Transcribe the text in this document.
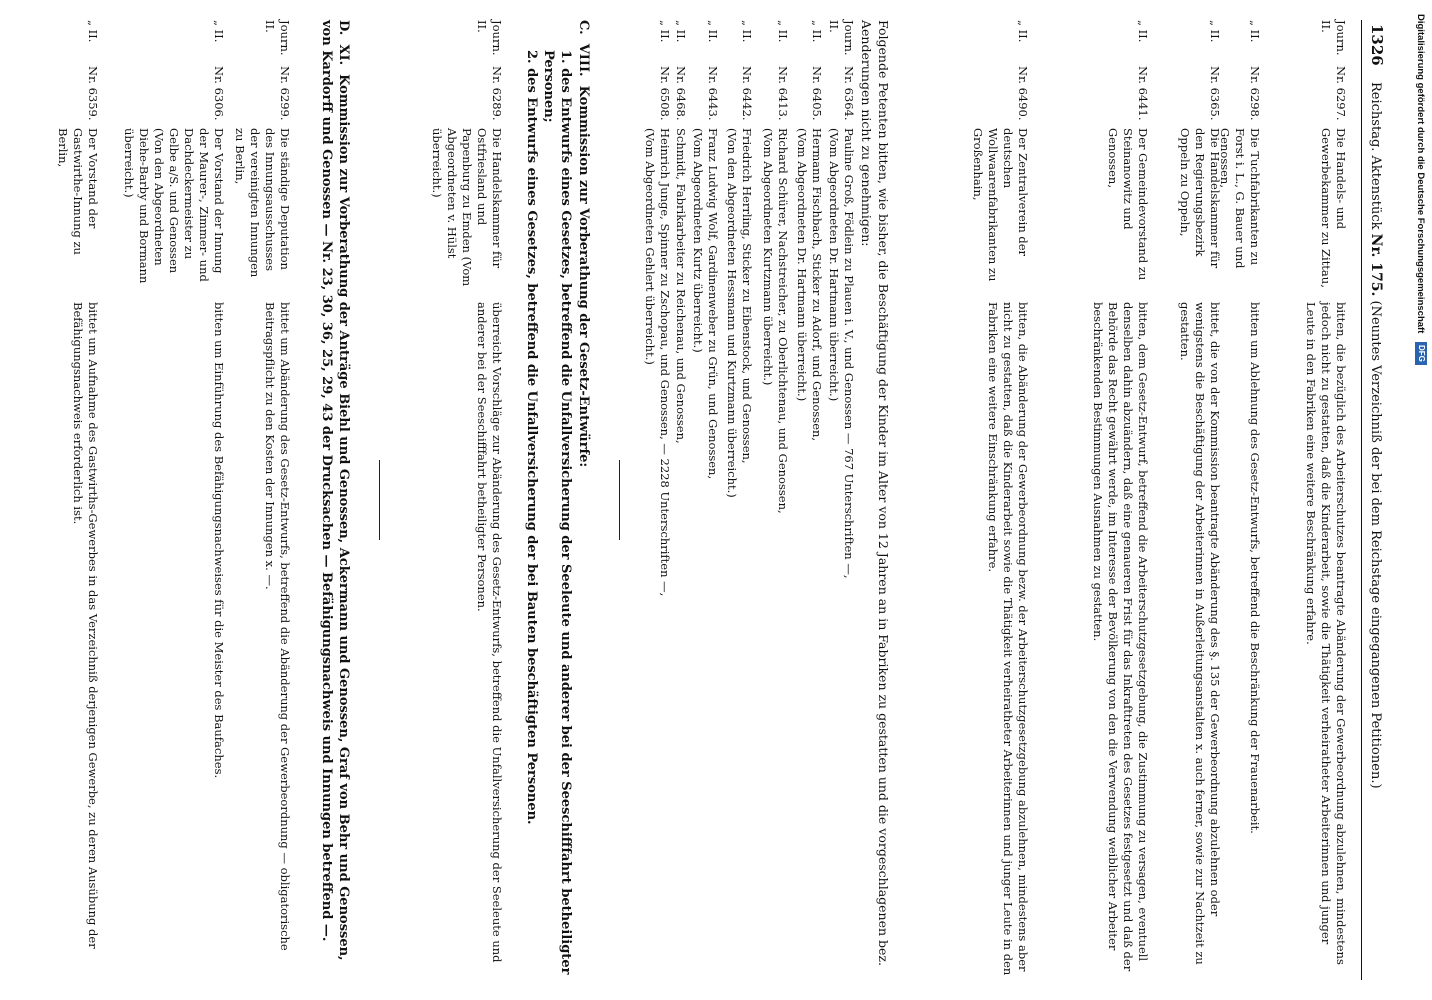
1326
Reichstag. Aktenstück Nr. 175. (Neuntes Verzeichniß der bei dem Reichstage eingegangenen Petitionen.)
Journ. II.
Nr. 6297.
Die Handels- und Gewerbekammer zu Zittau,
bitten, die bezüglich des Arbeiterschutzes beantragte Abänderung der Gewerbeordnung abzulehnen, mindestens jedoch nicht zu gestatten, daß die Kinderarbeit, sowie die Thätigkeit verheiratheter Arbeiterinnen und junger Leute in den Fabriken eine weitere Beschränkung erfahre.
„ II.
Nr. 6298.
Die Tuchfabrikanten zu Forst i. L., G. Bauer und Genossen,
bitten um Ablehnung des Gesetz-Entwurfs, betreffend die Beschränkung der Frauenarbeit.
„ II.
Nr. 6365.
Die Handelskammer für den Regierungsbezirk Oppeln zu Oppeln,
bittet, die von der Kommission beantragte Abänderung des §. 135 der Gewerbeordnung abzulehnen oder wenigstens die Beschäftigung der Arbeiterinnen in Außerleitungsanstalten x. auch ferner, sowie zur Nachtzeit zu gestatten.
„ II.
Nr. 6441.
Der Gemeindevorstand zu Steinanowitz und Genossen,
bitten, dem Gesetz-Entwurf, betreffend die Arbeiterschutzgesetzgebung, die Zustimmung zu versagen, eventuell denselben dahin abzuändern, daß eine genaueren Frist für das Inkrafttreten des Gesetzes festgesetzt und daß der Behörde das Recht gewährt werde, im Interesse der Bevölkerung von den die Verwendung weiblicher Arbeiter beschränkenden Bestimmungen Ausnahmen zu gestatten.
„ II.
Nr. 6490.
Der Zentralverein der deutschen Wollwaarenfabrikanten zu Großenhain,
bitten, die Abänderung der Gewerbeordnung bezw. der Arbeiterschutzgesetzgebung abzulehnen, mindestens aber nicht zu gestatten, daß die Kinderarbeit sowie die Thätigkeit verheiratheter Arbeiterinnen und junger Leute in den Fabriken eine weitere Einschränkung erfahre.
Folgende Petenten bitten, wie bisher, die Beschäftigung der Kinder im Alter von 12 Jahren an in Fabriken zu gestatten und die vorgeschlagenen bez. Aenderungen nicht zu genehmigen:
Journ. II.
Nr. 6364.
Pauline Groß, Födlein zu Plauen i. V., und Genossen — 767 Unterschriften —,
(Vom Abgeordneten Dr. Hartmann überreicht.)
„ II.
Nr. 6405.
Hermann Fischbach, Sticker zu Adorf, und Genossen,
(Vom Abgeordneten Dr. Hartmann überreicht.)
„ II.
Nr. 6413.
Richard Schürer, Nachstreicher, zu Oberlichtenau, und Genossen,
(Vom Abgeordneten Kurtzmann überreicht.)
„ II.
Nr. 6442.
Friedrich Herrling, Sticker zu Eibenstock, und Genossen,
(Von den Abgeordneten Hessmann und Kurtzmann überreicht.)
„ II.
Nr. 6443.
Franz Ludwig Wolf, Gardinenweber zu Grün, und Genossen,
(Vom Abgeordneten Kurtz überreicht.)
„ II.
Nr. 6468.
Schmidt, Fabrikarbeiter zu Reichenau, und Genossen,
„ II.
Nr. 6508.
Heinrich Junge, Spinner zu Zschopau, und Genossen, — 2228 Unterschriften —,
(Vom Abgeordneten Gehlert überreicht.)
C.  VIII.  Kommission zur Vorberathung der Gesetz-Entwürfe:
1. des Entwurfs eines Gesetzes, betreffend die Unfallversicherung der Seeleute und anderer bei der Seeschifffahrt betheiligter Personen;
2. des Entwurfs eines Gesetzes, betreffend die Unfallversicherung der bei Bauten beschäftigten Personen.
Journ. II.
Nr. 6289.
Die Handelskammer für Ostfriesland und Papenburg zu Emden (Vom Abgeordneten v. Hülst überreicht.)
überreicht Vorschläge zur Abänderung des Gesetz-Entwurfs, betreffend die Unfallversicherung der Seeleute und anderer bei der Seeschifffahrt betheiligter Personen.
D.  XI.  Kommission zur Vorberathung der Anträge Biehl und Genossen, Ackermann und Genossen, Graf von Behr und Genossen, von Kardorff und Genossen — Nr. 23, 30, 36, 25, 29, 43 der Drucksachen — Befähigungsnachweis und Innungen betreffend —.
Journ. II.
Nr. 6299.
Die ständige Deputation des Innungsausschusses der vereinigten Innungen zu Berlin,
bittet um Abänderung des Gesetz-Entwurfs, betreffend die Abänderung der Gewerbeordnung — obligatorische Beitragspflicht zu den Kosten der Innungen x. —.
„ II.
Nr. 6306.
Der Vorstand der Innung der Maurer-, Zimmer- und Dachdeckermeister zu Gelbe a/S. und Genossen (Von den Abgeordneten Diehe-Barby und Bormann überreicht.)
bitten um Einführung des Befähigungsnachweises für die Meister des Baufaches.
„ II.
Nr. 6359.
Der Vorstand der Gastwirthe-Innung zu Berlin,
bittet um Aufnahme des Gastwirths-Gewerbes in das Verzeichniß derjenigen Gewerbe, zu deren Ausübung der Befähigungsnachweis erforderlich ist.
Digitalisierung gefördert durch die Deutsche Forschungsgemeinschaft DFG
